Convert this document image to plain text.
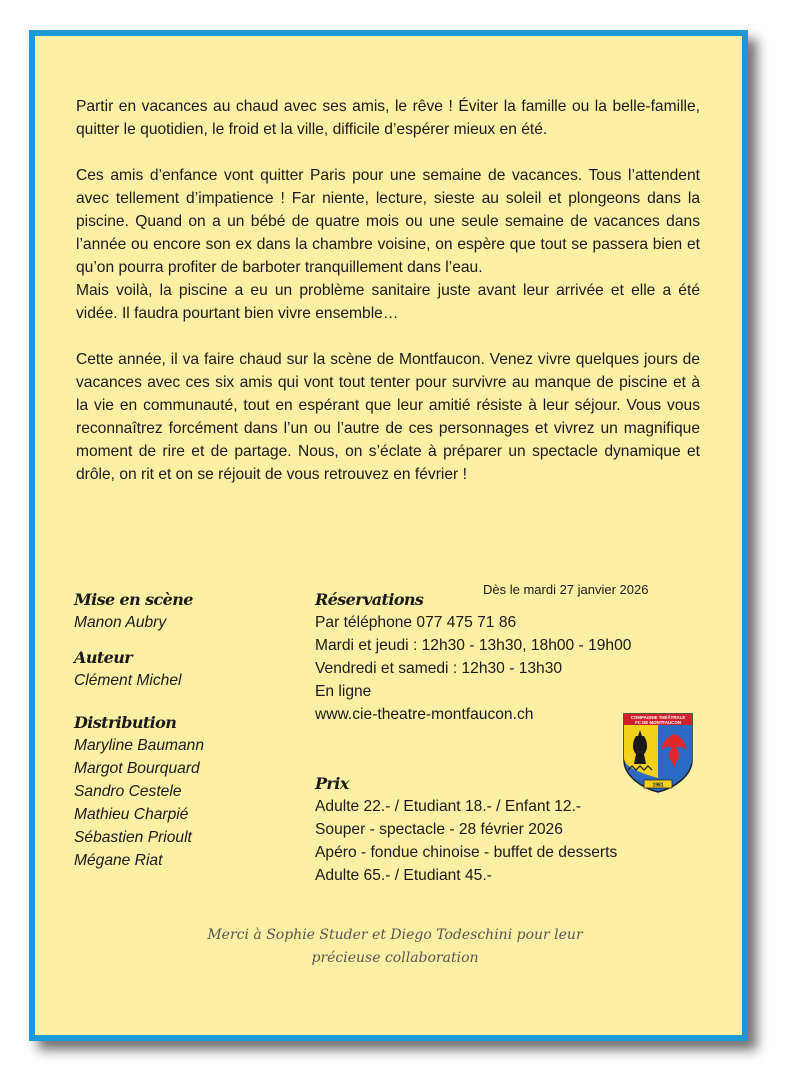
Partir en vacances au chaud avec ses amis, le rêve ! Éviter la famille ou la belle-famille, quitter le quotidien, le froid et la ville, difficile d’espérer mieux en été.

Ces amis d’enfance vont quitter Paris pour une semaine de vacances. Tous l’attendent avec tellement d’impatience ! Far niente, lecture, sieste au soleil et plongeons dans la piscine. Quand on a un bébé de quatre mois ou une seule semaine de vacances dans l’année ou encore son ex dans la chambre voisine, on espère que tout se passera bien et qu’on pourra profiter de barboter tranquillement dans l’eau.

Mais voilà, la piscine a eu un problème sanitaire juste avant leur arrivée et elle a été vidée. Il faudra pourtant bien vivre ensemble…

Cette année, il va faire chaud sur la scène de Montfaucon. Venez vivre quelques jours de vacances avec ces six amis qui vont tout tenter pour survivre au manque de piscine et à la vie en communauté, tout en espérant que leur amitié résiste à leur séjour. Vous vous reconnaîtrez forcément dans l’un ou l’autre de ces personnages et vivrez un magnifique moment de rire et de partage. Nous, on s’éclate à préparer un spectacle dynamique et drôle, on rit et on se réjouit de vous retrouvez en février !

Mise en scène

Manon Aubry

Auteur

Clément Michel

Distribution

Maryline Baumann

Margot Bourquard

Sandro Cestele

Mathieu Charpié

Sébastien Prioult

Mégane Riat

Dès le mardi 27 janvier 2026

Réservations

Par téléphone 077 475 71 86

Mardi et jeudi : 12h30 - 13h30, 18h00 - 19h00

Vendredi et samedi : 12h30 - 13h30

En ligne

www.cie-theatre-montfaucon.ch

Prix

Adulte 22.- / Etudiant 18.- / Enfant 12.-

Souper - spectacle - 28 février 2026

Apéro - fondue chinoise - buffet de desserts

Adulte 65.- / Etudiant 45.-

COMPAGNIE THÉÂTRALE
FC DE MONTFAUCON
1981

Merci à Sophie Studer et Diego Todeschini pour leur

précieuse collaboration
